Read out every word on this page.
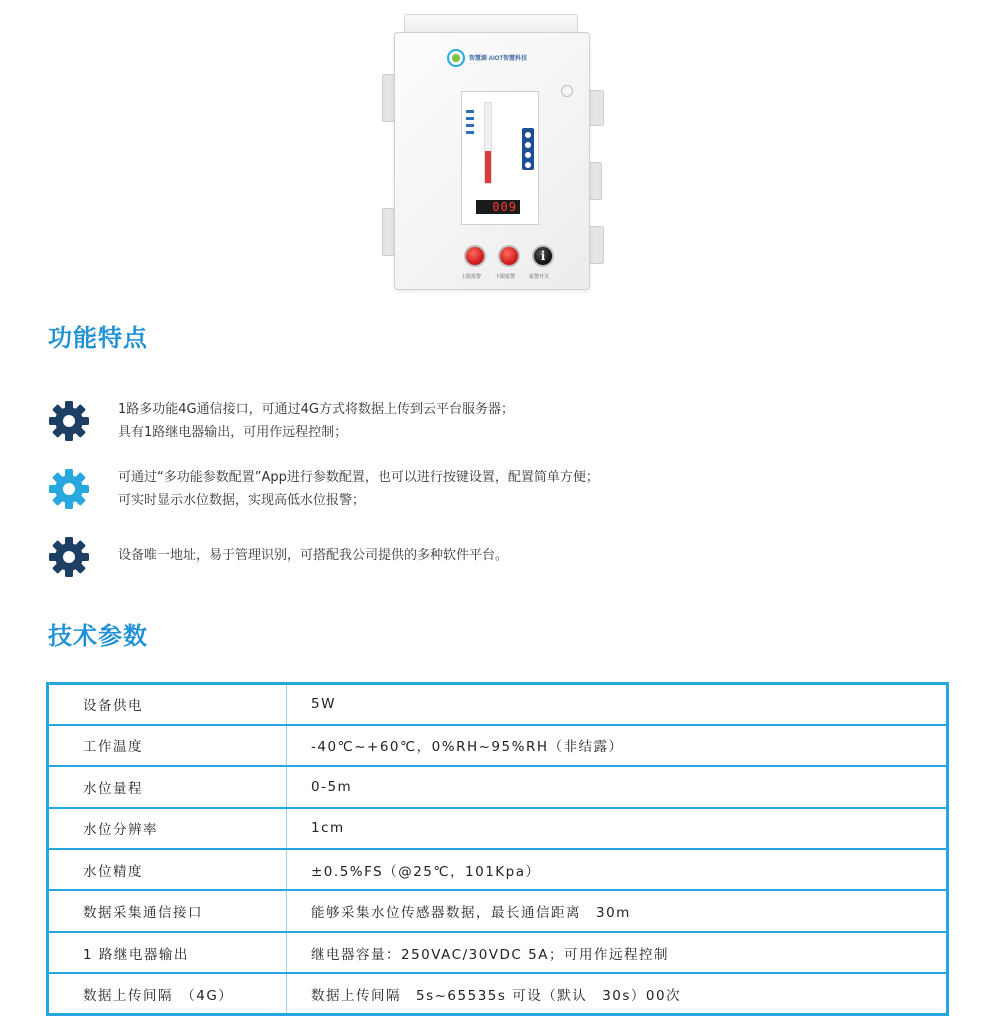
智慧源 AIOT智慧科技
009
i
上限报警	下限报警	报警开关
功能特点
1路多功能4G通信接口，可通过4G方式将数据上传到云平台服务器；
具有1路继电器输出，可用作远程控制；
可通过“多功能参数配置”App进行参数配置，也可以进行按键设置，配置简单方便；
可实时显示水位数据，实现高低水位报警；
设备唯一地址，易于管理识别，可搭配我公司提供的多种软件平台。
技术参数
设备供电	5W
工作温度	-40℃~+60℃，0%RH~95%RH（非结露）
水位量程	0-5m
水位分辨率	1cm
水位精度	±0.5%FS（@25℃，101Kpa）
数据采集通信接口	能够采集水位传感器数据，最长通信距离　30m
1 路继电器输出	继电器容量：250VAC/30VDC 5A；可用作远程控制
数据上传间隔　（4G）	数据上传间隔　5s~65535s 可设（默认　30s）00次
